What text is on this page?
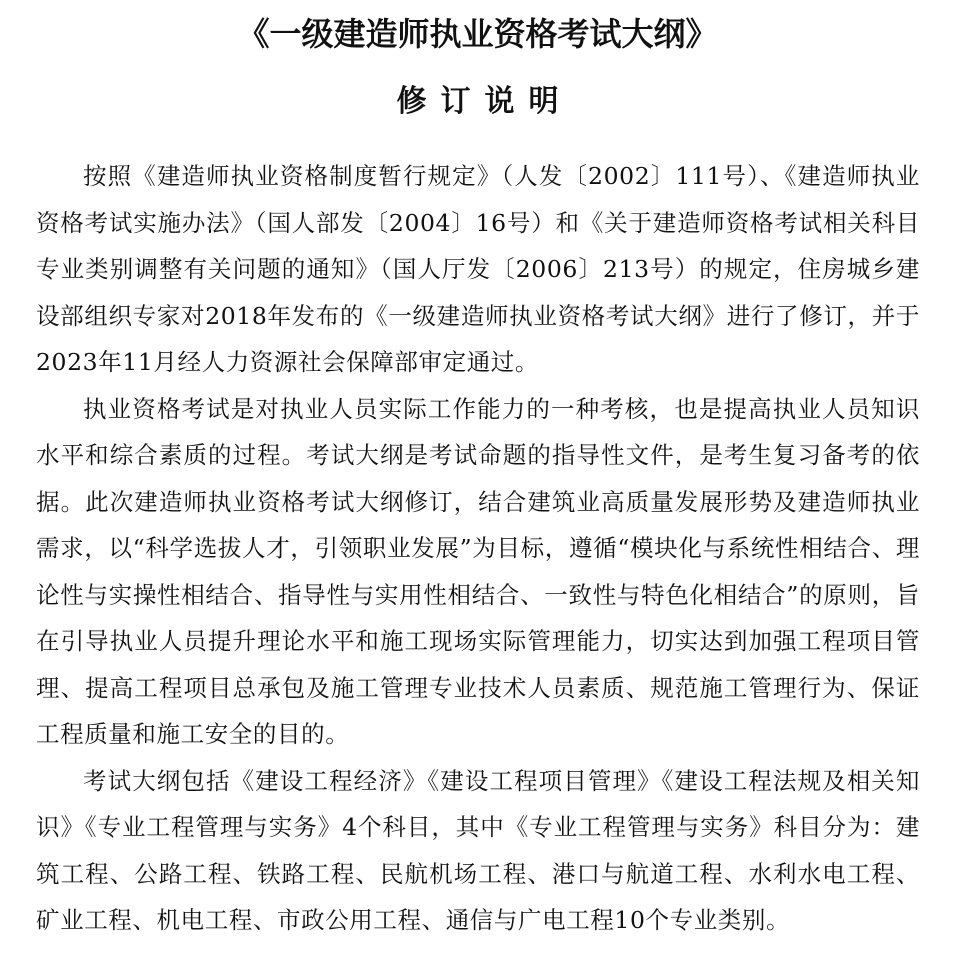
《一级建造师执业资格考试大纲》
修订说明

按照《建造师执业资格制度暂行规定》（人发〔2002〕111号）、《建造师执业资格考试实施办法》（国人部发〔2004〕16号）和《关于建造师资格考试相关科目专业类别调整有关问题的通知》（国人厅发〔2006〕213号）的规定，住房城乡建设部组织专家对2018年发布的《一级建造师执业资格考试大纲》进行了修订，并于2023年11月经人力资源社会保障部审定通过。

执业资格考试是对执业人员实际工作能力的一种考核，也是提高执业人员知识水平和综合素质的过程。考试大纲是考试命题的指导性文件，是考生复习备考的依据。此次建造师执业资格考试大纲修订，结合建筑业高质量发展形势及建造师执业需求，以“科学选拔人才，引领职业发展”为目标，遵循“模块化与系统性相结合、理论性与实操性相结合、指导性与实用性相结合、一致性与特色化相结合”的原则，旨在引导执业人员提升理论水平和施工现场实际管理能力，切实达到加强工程项目管理、提高工程项目总承包及施工管理专业技术人员素质、规范施工管理行为、保证工程质量和施工安全的目的。

考试大纲包括《建设工程经济》《建设工程项目管理》《建设工程法规及相关知识》《专业工程管理与实务》4个科目，其中《专业工程管理与实务》科目分为：建筑工程、公路工程、铁路工程、民航机场工程、港口与航道工程、水利水电工程、矿业工程、机电工程、市政公用工程、通信与广电工程10个专业类别。
